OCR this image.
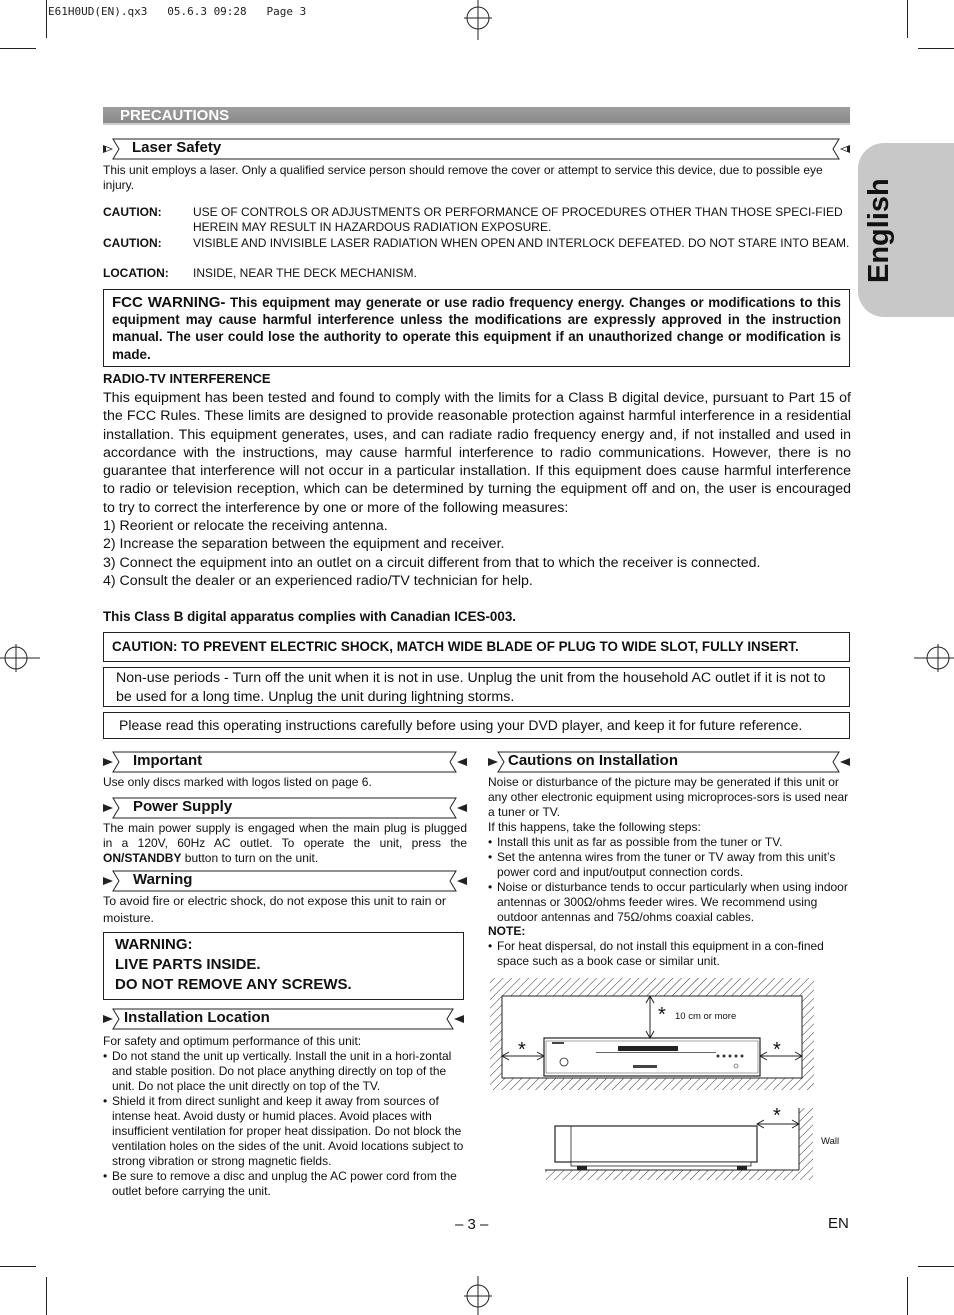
E61H0UD(EN).qx3   05.6.3 09:28   Page 3
English
PRECAUTIONS
Laser Safety
This unit employs a laser. Only a qualified service person should remove the cover or attempt to service this device, due to possible eye injury.
CAUTION:	USE OF CONTROLS OR ADJUSTMENTS OR PERFORMANCE OF PROCEDURES OTHER THAN THOSE SPECI-FIED HEREIN MAY RESULT IN HAZARDOUS RADIATION EXPOSURE.
CAUTION:	VISIBLE AND INVISIBLE LASER RADIATION WHEN OPEN AND INTERLOCK DEFEATED. DO NOT STARE INTO BEAM.
LOCATION: INSIDE, NEAR THE DECK MECHANISM.
FCC WARNING- This equipment may generate or use radio frequency energy. Changes or modifications to this equipment may cause harmful interference unless the modifications are expressly approved in the instruction manual. The user could lose the authority to operate this equipment if an unauthorized change or modification is made.
RADIO-TV INTERFERENCE
This equipment has been tested and found to comply with the limits for a Class B digital device, pursuant to Part 15 of the FCC Rules. These limits are designed to provide reasonable protection against harmful interference in a residential installation. This equipment generates, uses, and can radiate radio frequency energy and, if not installed and used in accordance with the instructions, may cause harmful interference to radio communications. However, there is no guarantee that interference will not occur in a particular installation. If this equipment does cause harmful interference to radio or television reception, which can be determined by turning the equipment off and on, the user is encouraged to try to correct the interference by one or more of the following measures:
1) Reorient or relocate the receiving antenna.
2) Increase the separation between the equipment and receiver.
3) Connect the equipment into an outlet on a circuit different from that to which the receiver is connected.
4) Consult the dealer or an experienced radio/TV technician for help.
This Class B digital apparatus complies with Canadian ICES-003.
CAUTION: TO PREVENT ELECTRIC SHOCK, MATCH WIDE BLADE OF PLUG TO WIDE SLOT, FULLY INSERT.
Non-use periods - Turn off the unit when it is not in use. Unplug the unit from the household AC outlet if it is not to be used for a long time. Unplug the unit during lightning storms.
Please read this operating instructions carefully before using your DVD player, and keep it for future reference.
Important
Use only discs marked with logos listed on page 6.
Power Supply
The main power supply is engaged when the main plug is plugged in a 120V, 60Hz AC outlet. To operate the unit, press the ON/STANDBY button to turn on the unit.
Warning
To avoid fire or electric shock, do not expose this unit to rain or moisture.
WARNING:
LIVE PARTS INSIDE.
DO NOT REMOVE ANY SCREWS.
Installation Location
For safety and optimum performance of this unit:
• Do not stand the unit up vertically. Install the unit in a hori-zontal and stable position. Do not place anything directly on top of the unit. Do not place the unit directly on top of the TV.
• Shield it from direct sunlight and keep it away from sources of intense heat. Avoid dusty or humid places. Avoid places with insufficient ventilation for proper heat dissipation. Do not block the ventilation holes on the sides of the unit. Avoid locations subject to strong vibration or strong magnetic fields.
• Be sure to remove a disc and unplug the AC power cord from the outlet before carrying the unit.
Cautions on Installation
Noise or disturbance of the picture may be generated if this unit or any other electronic equipment using microproces-sors is used near a tuner or TV.
If this happens, take the following steps:
• Install this unit as far as possible from the tuner or TV.
• Set the antenna wires from the tuner or TV away from this unit’s power cord and input/output connection cords.
• Noise or disturbance tends to occur particularly when using indoor antennas or 300Ω/ohms feeder wires. We recommend using outdoor antennas and 75Ω/ohms coaxial cables.
NOTE:
• For heat dispersal, do not install this equipment in a con-fined space such as a book case or similar unit.
* 10 cm or more
*	*
*
Wall
– 3 –	EN
